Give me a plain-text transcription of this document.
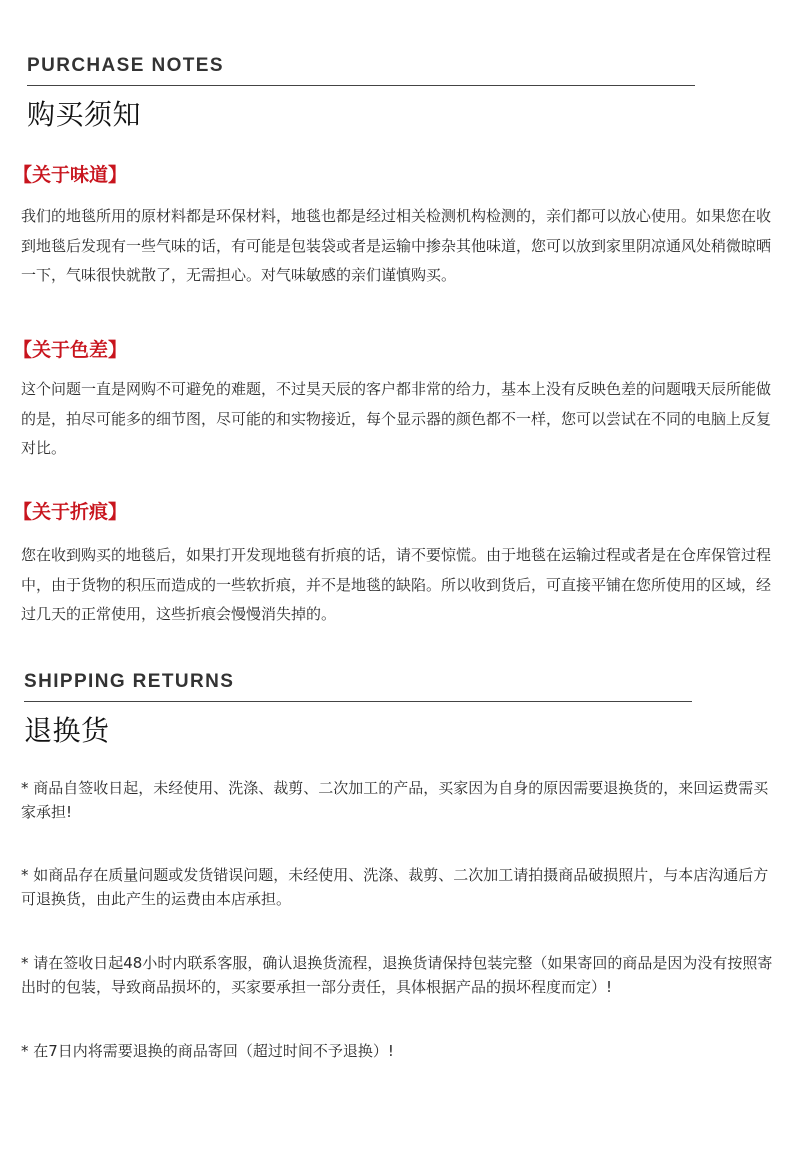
PURCHASE NOTES
购买须知
【关于味道】

我们的地毯所用的原材料都是环保材料，地毯也都是经过相关检测机构检测的，亲们都可以放心使用。如果您在收到地毯后发现有一些气味的话，有可能是包装袋或者是运输中掺杂其他味道，您可以放到家里阴凉通风处稍微晾晒一下，气味很快就散了，无需担心。对气味敏感的亲们谨慎购买。

【关于色差】

这个问题一直是网购不可避免的难题，不过昊天辰的客户都非常的给力，基本上没有反映色差的问题哦天辰所能做的是，拍尽可能多的细节图，尽可能的和实物接近，每个显示器的颜色都不一样，您可以尝试在不同的电脑上反复对比。

【关于折痕】

您在收到购买的地毯后，如果打开发现地毯有折痕的话，请不要惊慌。由于地毯在运输过程或者是在仓库保管过程中，由于货物的积压而造成的一些软折痕，并不是地毯的缺陷。所以收到货后，可直接平铺在您所使用的区域，经过几天的正常使用，这些折痕会慢慢消失掉的。

SHIPPING RETURNS
退换货

* 商品自签收日起，未经使用、洗涤、裁剪、二次加工的产品，买家因为自身的原因需要退换货的，来回运费需买家承担!

* 如商品存在质量问题或发货错误问题，未经使用、洗涤、裁剪、二次加工请拍摄商品破损照片，与本店沟通后方可退换货，由此产生的运费由本店承担。

* 请在签收日起48小时内联系客服，确认退换货流程，退换货请保持包装完整（如果寄回的商品是因为没有按照寄出时的包装，导致商品损坏的，买家要承担一部分责任，具体根据产品的损坏程度而定）!

* 在7日内将需要退换的商品寄回（超过时间不予退换）!
